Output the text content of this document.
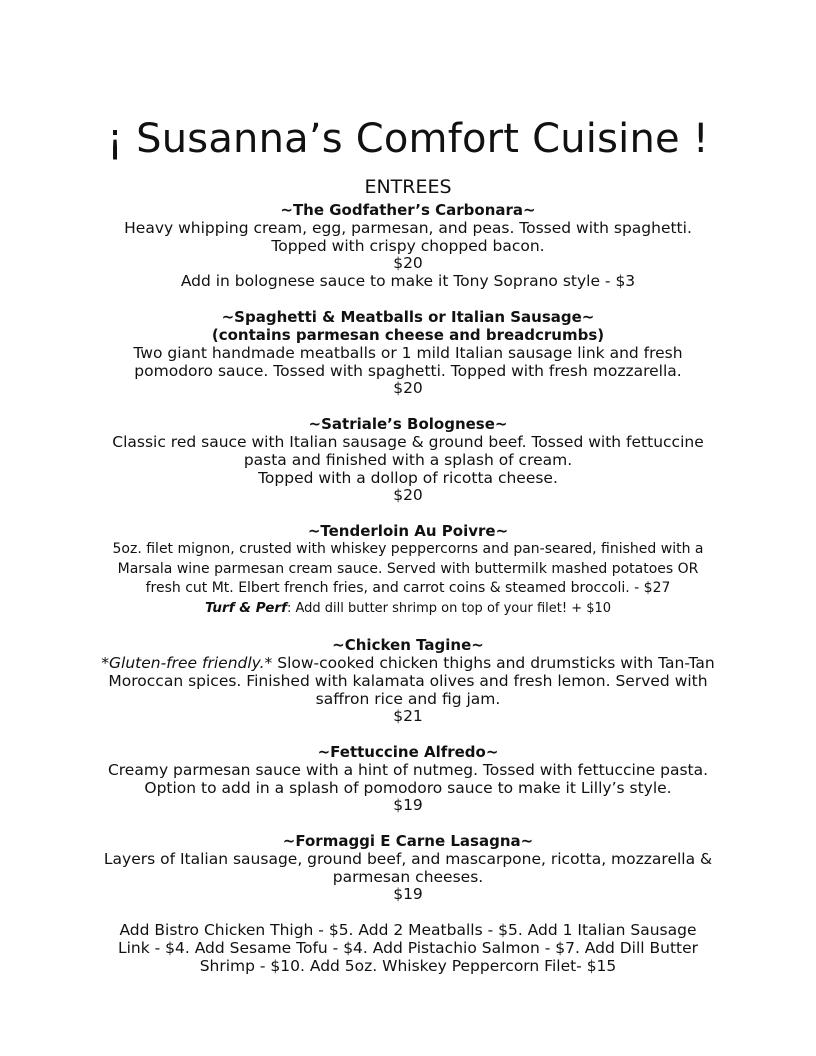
¡ Susanna’s Comfort Cuisine !
ENTREES
~The Godfather’s Carbonara~
Heavy whipping cream, egg, parmesan, and peas. Tossed with spaghetti.
Topped with crispy chopped bacon.
$20
Add in bolognese sauce to make it Tony Soprano style - $3
~Spaghetti & Meatballs or Italian Sausage~
(contains parmesan cheese and breadcrumbs)
Two giant handmade meatballs or 1 mild Italian sausage link and fresh
pomodoro sauce. Tossed with spaghetti. Topped with fresh mozzarella.
$20
~Satriale’s Bolognese~
Classic red sauce with Italian sausage & ground beef. Tossed with fettuccine
pasta and finished with a splash of cream.
Topped with a dollop of ricotta cheese.
$20
~Tenderloin Au Poivre~
5oz. filet mignon, crusted with whiskey peppercorns and pan-seared, finished with a
Marsala wine parmesan cream sauce. Served with buttermilk mashed potatoes OR
fresh cut Mt. Elbert french fries, and carrot coins & steamed broccoli. - $27
Turf & Perf: Add dill butter shrimp on top of your filet! + $10
~Chicken Tagine~
*Gluten-free friendly.* Slow-cooked chicken thighs and drumsticks with Tan-Tan
Moroccan spices. Finished with kalamata olives and fresh lemon. Served with
saffron rice and fig jam.
$21
~Fettuccine Alfredo~
Creamy parmesan sauce with a hint of nutmeg. Tossed with fettuccine pasta.
Option to add in a splash of pomodoro sauce to make it Lilly’s style.
$19
~Formaggi E Carne Lasagna~
Layers of Italian sausage, ground beef, and mascarpone, ricotta, mozzarella &
parmesan cheeses.
$19
Add Bistro Chicken Thigh - $5. Add 2 Meatballs - $5. Add 1 Italian Sausage
Link - $4. Add Sesame Tofu - $4. Add Pistachio Salmon - $7. Add Dill Butter
Shrimp - $10. Add 5oz. Whiskey Peppercorn Filet- $15
